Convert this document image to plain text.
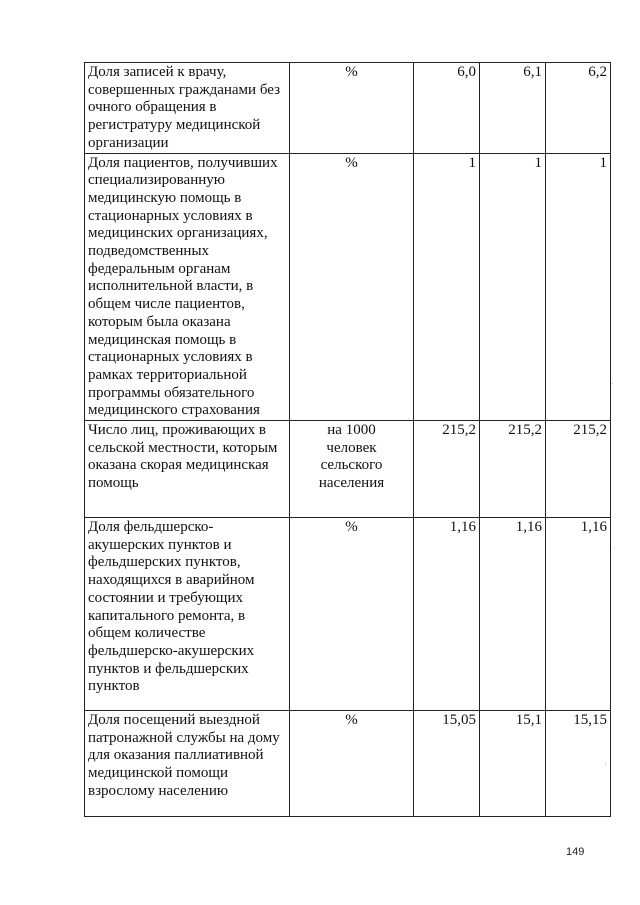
Доля записей к врачу, совершенных гражданами без очного обращения в регистратуру медицинской организации	%	6,0	6,1	6,2

Доля пациентов, получивших специализированную медицинскую помощь в стационарных условиях в медицинских организациях, подведомственных федеральным органам исполнительной власти, в общем числе пациентов, которым была оказана медицинская помощь в стационарных условиях в рамках территориальной программы обязательного медицинского страхования	%	1	1	1

Число лиц, проживающих в сельской местности, которым оказана скорая медицинская помощь	на 1000 человек сельского населения	215,2	215,2	215,2

Доля фельдшерско-акушерских пунктов и фельдшерских пунктов, находящихся в аварийном состоянии и требующих капитального ремонта, в общем количестве фельдшерско-акушерских пунктов и фельдшерских пунктов	%	1,16	1,16	1,16

Доля посещений выездной патронажной службы на дому для оказания паллиативной медицинской помощи взрослому населению	%	15,05	15,1	15,15
149
